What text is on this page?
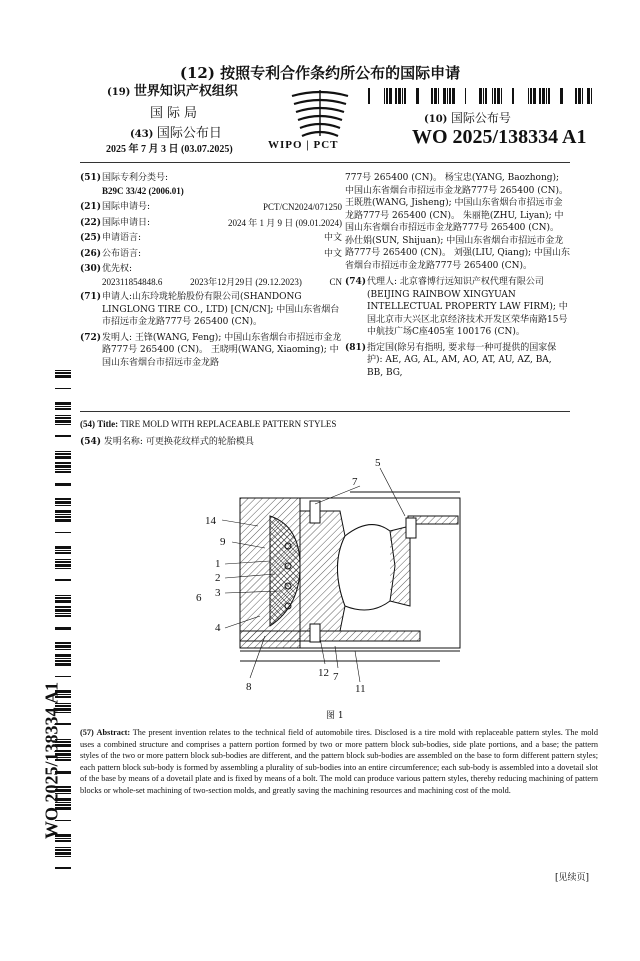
(12) 按照专利合作条约所公布的国际申请
(19) 世界知识产权组织
国际局
(43) 国际公布日
2025 年 7 月 3 日 (03.07.2025)	WIPO | PCT
(10) 国际公布号
WO 2025/138334 A1
(51)国际专利分类号:
B29C 33/42 (2006.01)
(21)国际申请号:	PCT/CN2024/071250
(22)国际申请日:	2024 年 1 月 9 日 (09.01.2024)
(25)申请语言:	中文
(26)公布语言:	中文
(30)优先权:
202311854848.6	2023年12月29日 (29.12.2023)	CN
(71) 申请人:山东玲珑轮胎股份有限公司(SHANDONG LINGLONG TIRE CO., LTD) [CN/CN]; 中国山东省烟台市招远市金龙路777号 265400 (CN)。
(72) 发明人: 王锋(WANG, Feng); 中国山东省烟台市招远市金龙路777号 265400 (CN)。 王晓明(WANG, Xiaoming); 中国山东省烟台市招远市金龙路
777号 265400 (CN)。 杨宝忠(YANG, Baozhong); 中国山东省烟台市招远市金龙路777号 265400 (CN)。 王既胜(WANG, Jisheng); 中国山东省烟台市招远市金龙路777号 265400 (CN)。 朱丽艳(ZHU, Liyan); 中国山东省烟台市招远市金龙路777号 265400 (CN)。 孙仕娟(SUN, Shijuan); 中国山东省烟台市招远市金龙路777号 265400 (CN)。 刘强(LIU, Qiang); 中国山东省烟台市招远市金龙路777号 265400 (CN)。
(74) 代理人: 北京睿博行远知识产权代理有限公司(BEIJING RAINBOW XINGYUAN INTELLECTUAL PROPERTY LAW FIRM); 中国北京市大兴区北京经济技术开发区荣华南路15号中航技广场C座405室 100176 (CN)。
(81) 指定国(除另有指明, 要求每一种可提供的国家保护): AE, AG, AL, AM, AO, AT, AU, AZ, BA, BB, BG,
(54) Title: TIRE MOLD WITH REPLACEABLE PATTERN STYLES
(54) 发明名称: 可更换花纹样式的轮胎模具
5
7
14
9
1
2
3
6
4
12 7
8	11
图 1
(57) Abstract: The present invention relates to the technical field of automobile tires. Disclosed is a tire mold with replaceable pattern styles. The mold uses a combined structure and comprises a pattern portion formed by two or more pattern block sub-bodies, side plate portions, and a base; the pattern styles of the two or more pattern block sub-bodies are different, and the pattern block sub-bodies are assembled on the base to form different pattern styles; each pattern block sub-body is formed by assembling a plurality of sub-bodies into an entire circumference; each sub-body is assembled into a dovetail slot of the base by means of a dovetail plate and is fixed by means of a bolt. The mold can produce various pattern styles, thereby reducing machining of pattern blocks or whole-set machining of two-section molds, and greatly saving the machining resources and machining cost of the mold.
[见续页]
WO 2025/138334 A1
